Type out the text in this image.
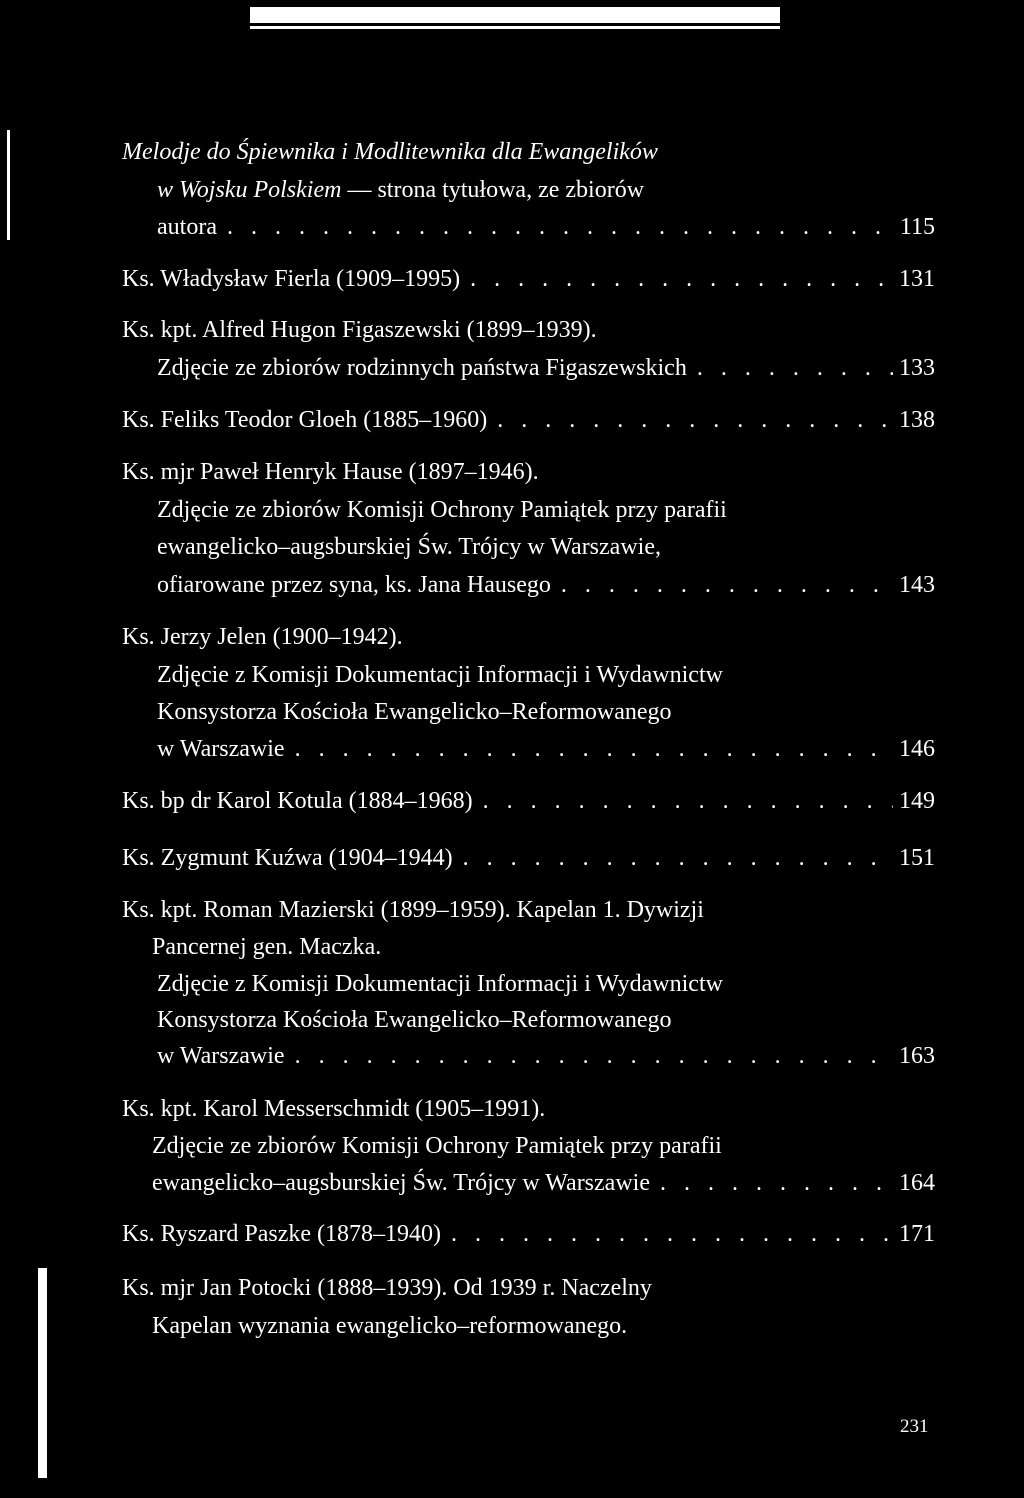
Melodje do Śpiewnika i Modlitewnika dla Ewangelików
w Wojsku Polskiem — strona tytułowa, ze zbiorów
autora . . .	115
Ks. Władysław Fierla (1909–1995) . . .	131
Ks. kpt. Alfred Hugon Figaszewski (1899–1939).
Zdjęcie ze zbiorów rodzinnych państwa Figaszewskich . . .	133
Ks. Feliks Teodor Gloeh (1885–1960) . . .	138
Ks. mjr Paweł Henryk Hause (1897–1946).
Zdjęcie ze zbiorów Komisji Ochrony Pamiątek przy parafii
ewangelicko–augsburskiej Św. Trójcy w Warszawie,
ofiarowane przez syna, ks. Jana Hausego . . .	143
Ks. Jerzy Jelen (1900–1942).
Zdjęcie z Komisji Dokumentacji Informacji i Wydawnictw
Konsystorza Kościoła Ewangelicko–Reformowanego
w Warszawie . . .	146
Ks. bp dr Karol Kotula (1884–1968) . . .	149
Ks. Zygmunt Kuźwa (1904–1944) . . .	151
Ks. kpt. Roman Mazierski (1899–1959). Kapelan 1. Dywizji
Pancernej gen. Maczka.
Zdjęcie z Komisji Dokumentacji Informacji i Wydawnictw
Konsystorza Kościoła Ewangelicko–Reformowanego
w Warszawie . . .	163
Ks. kpt. Karol Messerschmidt (1905–1991).
Zdjęcie ze zbiorów Komisji Ochrony Pamiątek przy parafii
ewangelicko–augsburskiej Św. Trójcy w Warszawie . . .	164
Ks. Ryszard Paszke (1878–1940) . . .	171
Ks. mjr Jan Potocki (1888–1939). Od 1939 r. Naczelny
Kapelan wyznania ewangelicko–reformowanego.
231
